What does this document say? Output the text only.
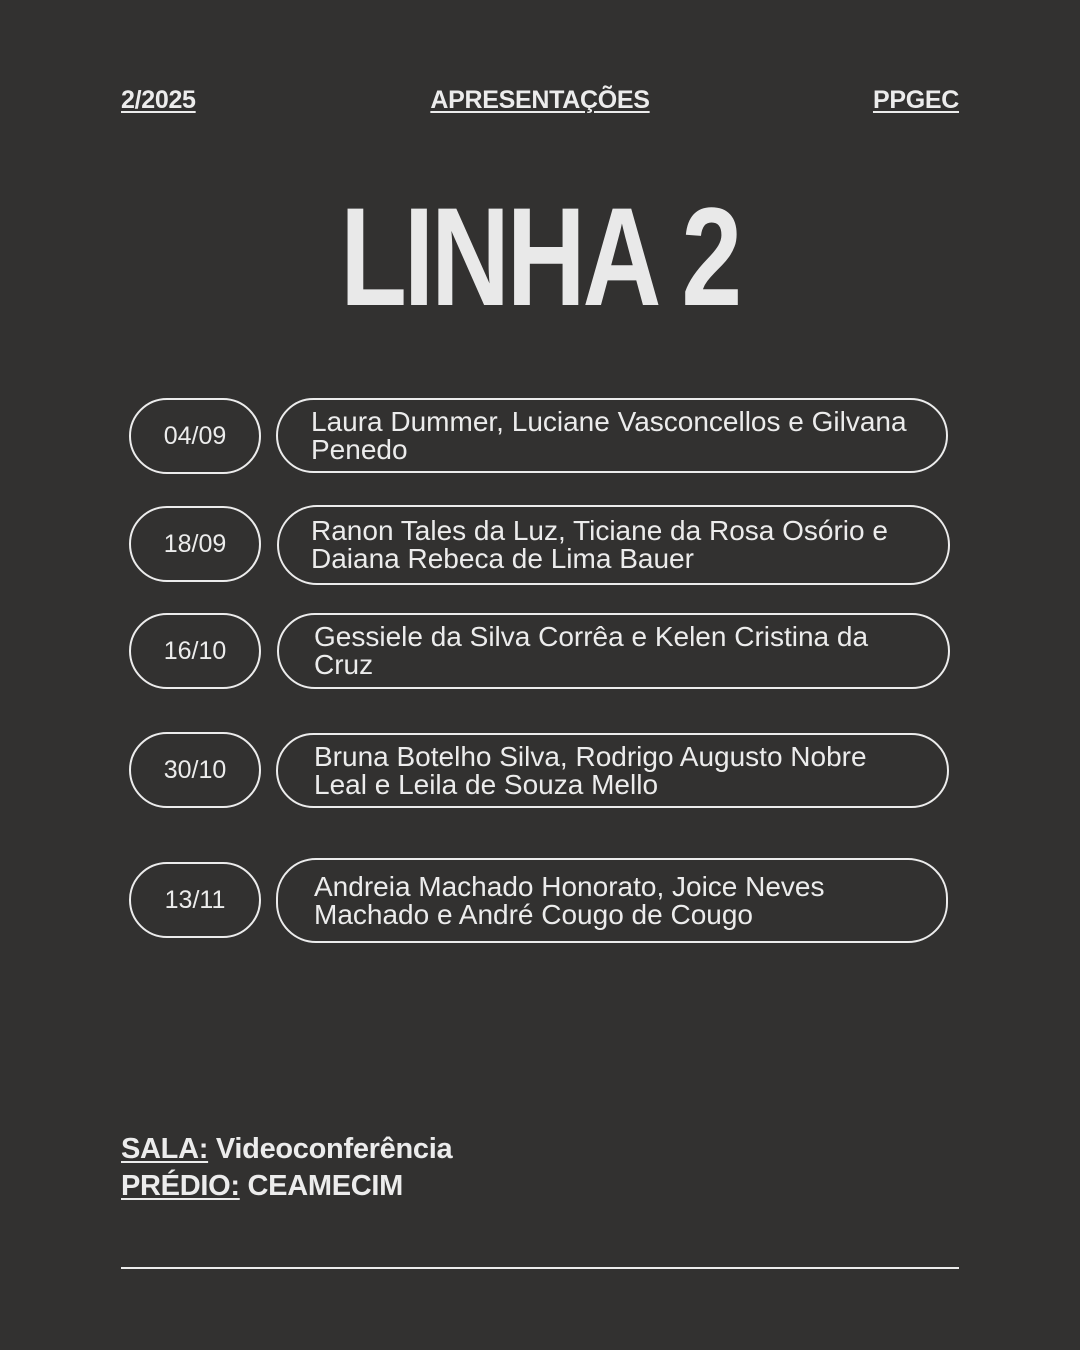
2/2025	APRESENTAÇÕES	PPGEC
LINHA 2
04/09	Laura Dummer, Luciane Vasconcellos e Gilvana Penedo
18/09	Ranon Tales da Luz, Ticiane da Rosa Osório e Daiana Rebeca de Lima Bauer
16/10	Gessiele da Silva Corrêa e Kelen Cristina da Cruz
30/10	Bruna Botelho Silva, Rodrigo Augusto Nobre Leal e Leila de Souza Mello
13/11	Andreia Machado Honorato, Joice Neves Machado e André Cougo de Cougo
SALA: Videoconferência
PRÉDIO: CEAMECIM
